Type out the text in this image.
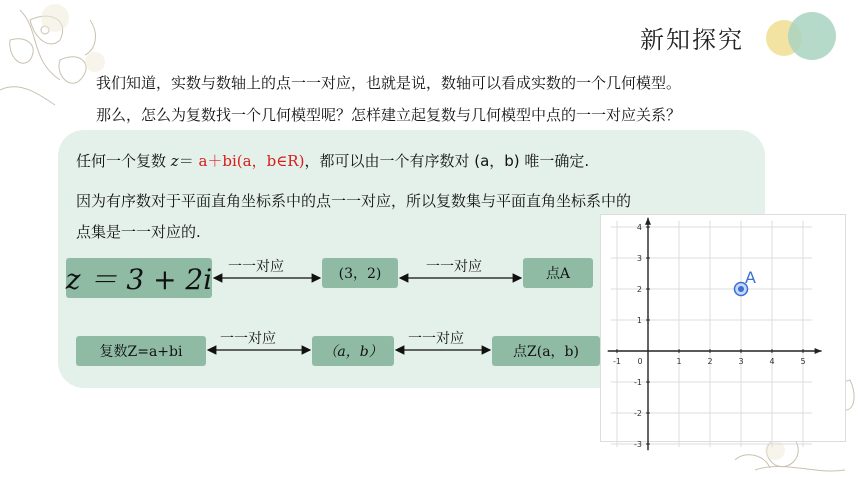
新知探究
我们知道，实数与数轴上的点一一对应，也就是说，数轴可以看成实数的一个几何模型。
那么，怎么为复数找一个几何模型呢？怎样建立起复数与几何模型中点的一一对应关系？
任何一个复数 z＝ a＋bi(a，b∈R)，都可以由一个有序数对 (a，b) 唯一确定.
因为有序数对于平面直角坐标系中的点一一对应，所以复数集与平面直角坐标系中的
点集是一一对应的.
z ＝ 3 + 2i	(3，2)	点A
一一对应	一一对应
复数Z=a+bi	（a，b）	点Z(a，b)
一一对应	一一对应
-1 0	1	2	3	4	5
4
3
2
1
-1
-2
-3
A
